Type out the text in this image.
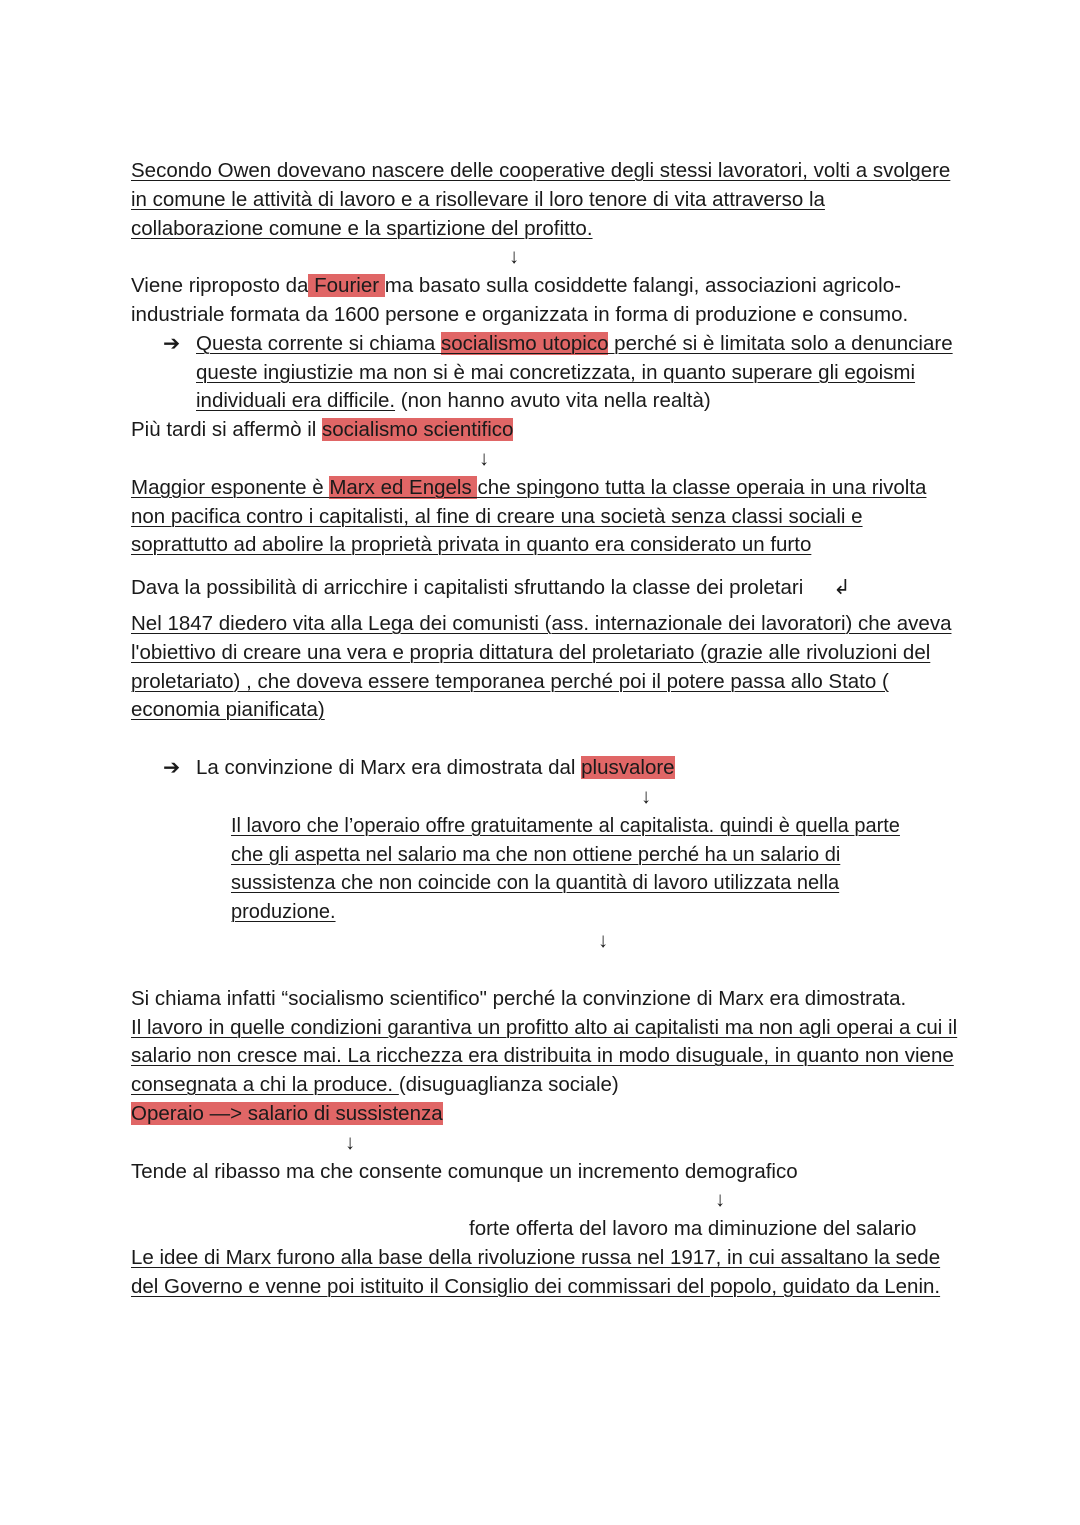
Secondo Owen dovevano nascere delle cooperative degli stessi lavoratori, volti a svolgere in comune le attività di lavoro e a risollevare il loro tenore di vita attraverso la collaborazione comune e la spartizione del profitto.

↓

Viene riproposto da Fourier ma basato sulla cosiddette falangi, associazioni agricolo-industriale formata da 1600 persone e organizzata in forma di produzione e consumo.

➔ Questa corrente si chiama socialismo utopico perché si è limitata solo a denunciare queste ingiustizie ma non si è mai concretizzata, in quanto superare gli egoismi individuali era difficile. (non hanno avuto vita nella realtà)

Più tardi si affermò il socialismo scientifico

↓

Maggior esponente è Marx ed Engels che spingono tutta la classe operaia in una rivolta non pacifica contro i capitalisti, al fine di creare una società senza classi sociali e soprattutto ad abolire la proprietà privata in quanto era considerato un furto

Dava la possibilità di arricchire i capitalisti sfruttando la classe dei proletari ↲

Nel 1847 diedero vita alla Lega dei comunisti (ass. internazionale dei lavoratori) che aveva l'obiettivo di creare una vera e propria dittatura del proletariato (grazie alle rivoluzioni del proletariato) , che doveva essere temporanea perché poi il potere passa allo Stato ( economia pianificata)

➔ La convinzione di Marx era dimostrata dal plusvalore
↓

Il lavoro che l’operaio offre gratuitamente al capitalista. quindi è quella parte che gli aspetta nel salario ma che non ottiene perché ha un salario di sussistenza che non coincide con la quantità di lavoro utilizzata nella produzione.

↓

Si chiama infatti “socialismo scientifico" perché la convinzione di Marx era dimostrata.

Il lavoro in quelle condizioni garantiva un profitto alto ai capitalisti ma non agli operai a cui il salario non cresce mai. La ricchezza era distribuita in modo disuguale, in quanto non viene consegnata a chi la produce. (disuguaglianza sociale)

Operaio —> salario di sussistenza

↓

Tende al ribasso ma che consente comunque un incremento demografico

↓

forte offerta del lavoro ma diminuzione del salario

Le idee di Marx furono alla base della rivoluzione russa nel 1917, in cui assaltano la sede del Governo e venne poi istituito il Consiglio dei commissari del popolo, guidato da Lenin.
